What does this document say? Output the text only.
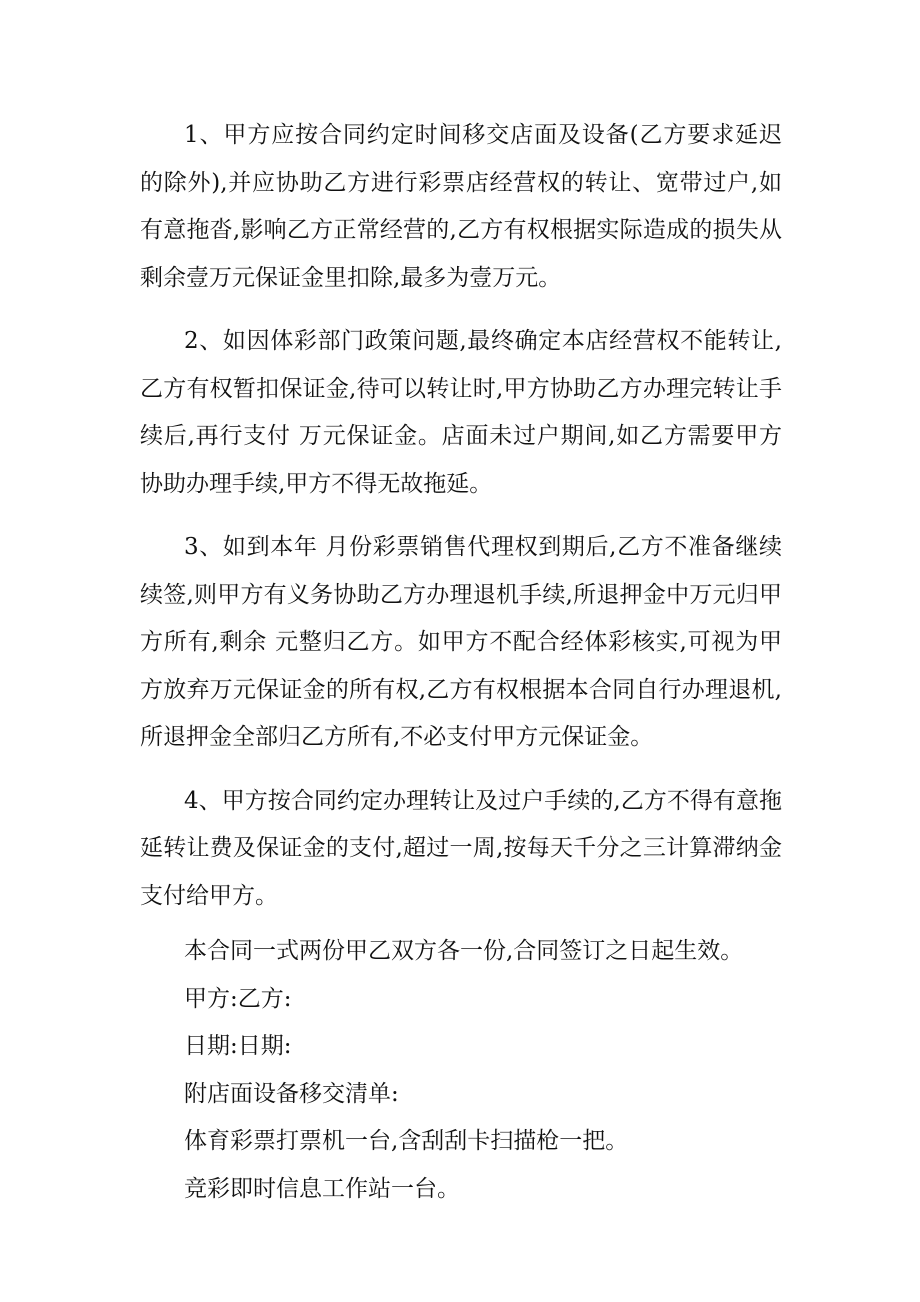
1、甲方应按合同约定时间移交店面及设备(乙方要求延迟的除外),并应协助乙方进行彩票店经营权的转让、宽带过户,如有意拖沓,影响乙方正常经营的,乙方有权根据实际造成的损失从剩余壹万元保证金里扣除,最多为壹万元。

2、如因体彩部门政策问题,最终确定本店经营权不能转让,乙方有权暂扣保证金,待可以转让时,甲方协助乙方办理完转让手续后,再行支付 万元保证金。店面未过户期间,如乙方需要甲方协助办理手续,甲方不得无故拖延。

3、如到本年 月份彩票销售代理权到期后,乙方不准备继续续签,则甲方有义务协助乙方办理退机手续,所退押金中万元归甲方所有,剩余 元整归乙方。如甲方不配合经体彩核实,可视为甲方放弃万元保证金的所有权,乙方有权根据本合同自行办理退机,所退押金全部归乙方所有,不必支付甲方元保证金。

4、甲方按合同约定办理转让及过户手续的,乙方不得有意拖延转让费及保证金的支付,超过一周,按每天千分之三计算滞纳金支付给甲方。

本合同一式两份甲乙双方各一份,合同签订之日起生效。

甲方:乙方:

日期:日期:

附店面设备移交清单:

体育彩票打票机一台,含刮刮卡扫描枪一把。

竞彩即时信息工作站一台。
